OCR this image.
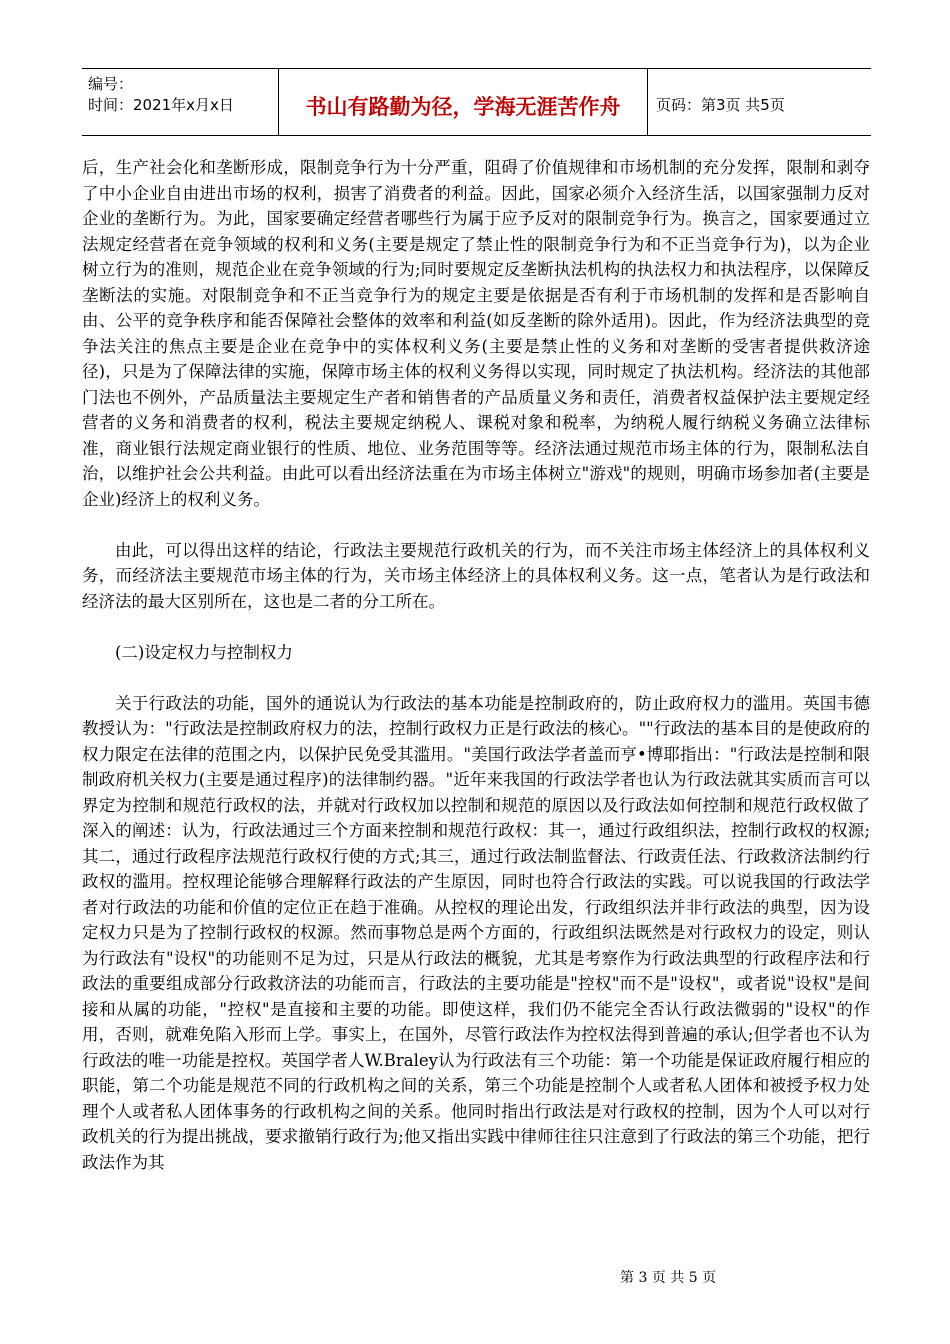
编号：
时间：2021年x月x日	书山有路勤为径，学海无涯苦作舟	页码：第3页 共5页

后，生产社会化和垄断形成，限制竞争行为十分严重，阻碍了价值规律和市场机制的充分发挥，限制和剥夺了中小企业自由进出市场的权利，损害了消费者的利益。因此，国家必须介入经济生活，以国家强制力反对企业的垄断行为。为此，国家要确定经营者哪些行为属于应予反对的限制竞争行为。换言之，国家要通过立法规定经营者在竞争领域的权利和义务(主要是规定了禁止性的限制竞争行为和不正当竞争行为)，以为企业树立行为的准则，规范企业在竞争领域的行为;同时要规定反垄断执法机构的执法权力和执法程序，以保障反垄断法的实施。对限制竞争和不正当竞争行为的规定主要是依据是否有利于市场机制的发挥和是否影响自由、公平的竞争秩序和能否保障社会整体的效率和利益(如反垄断的除外适用)。因此，作为经济法典型的竞争法关注的焦点主要是企业在竞争中的实体权利义务(主要是禁止性的义务和对垄断的受害者提供救济途径)，只是为了保障法律的实施，保障市场主体的权利义务得以实现，同时规定了执法机构。经济法的其他部门法也不例外，产品质量法主要规定生产者和销售者的产品质量义务和责任，消费者权益保护法主要规定经营者的义务和消费者的权利，税法主要规定纳税人、课税对象和税率，为纳税人履行纳税义务确立法律标准，商业银行法规定商业银行的性质、地位、业务范围等等。经济法通过规范市场主体的行为，限制私法自治，以维护社会公共利益。由此可以看出经济法重在为市场主体树立"游戏"的规则，明确市场参加者(主要是企业)经济上的权利义务。

由此，可以得出这样的结论，行政法主要规范行政机关的行为，而不关注市场主体经济上的具体权利义务，而经济法主要规范市场主体的行为，关市场主体经济上的具体权利义务。这一点，笔者认为是行政法和经济法的最大区别所在，这也是二者的分工所在。

(二)设定权力与控制权力

关于行政法的功能，国外的通说认为行政法的基本功能是控制政府的，防止政府权力的滥用。英国韦德教授认为："行政法是控制政府权力的法，控制行政权力正是行政法的核心。""行政法的基本目的是使政府的权力限定在法律的范围之内，以保护民免受其滥用。"美国行政法学者盖而亨•博耶指出："行政法是控制和限制政府机关权力(主要是通过程序)的法律制约器。"近年来我国的行政法学者也认为行政法就其实质而言可以界定为控制和规范行政权的法，并就对行政权加以控制和规范的原因以及行政法如何控制和规范行政权做了深入的阐述：认为，行政法通过三个方面来控制和规范行政权：其一，通过行政组织法，控制行政权的权源;其二，通过行政程序法规范行政权行使的方式;其三，通过行政法制监督法、行政责任法、行政救济法制约行政权的滥用。控权理论能够合理解释行政法的产生原因，同时也符合行政法的实践。可以说我国的行政法学者对行政法的功能和价值的定位正在趋于准确。从控权的理论出发，行政组织法并非行政法的典型，因为设定权力只是为了控制行政权的权源。然而事物总是两个方面的，行政组织法既然是对行政权力的设定，则认为行政法有"设权"的功能则不足为过，只是从行政法的概貌，尤其是考察作为行政法典型的行政程序法和行政法的重要组成部分行政救济法的功能而言，行政法的主要功能是"控权"而不是"设权"，或者说"设权"是间接和从属的功能，"控权"是直接和主要的功能。即使这样，我们仍不能完全否认行政法微弱的"设权"的作用，否则，就难免陷入形而上学。事实上，在国外，尽管行政法作为控权法得到普遍的承认;但学者也不认为行政法的唯一功能是控权。英国学者人W.Braley认为行政法有三个功能：第一个功能是保证政府履行相应的职能，第二个功能是规范不同的行政机构之间的关系，第三个功能是控制个人或者私人团体和被授予权力处理个人或者私人团体事务的行政机构之间的关系。他同时指出行政法是对行政权的控制，因为个人可以对行政机关的行为提出挑战，要求撤销行政行为;他又指出实践中律师往往只注意到了行政法的第三个功能，把行政法作为其

第 3 页 共 5 页
